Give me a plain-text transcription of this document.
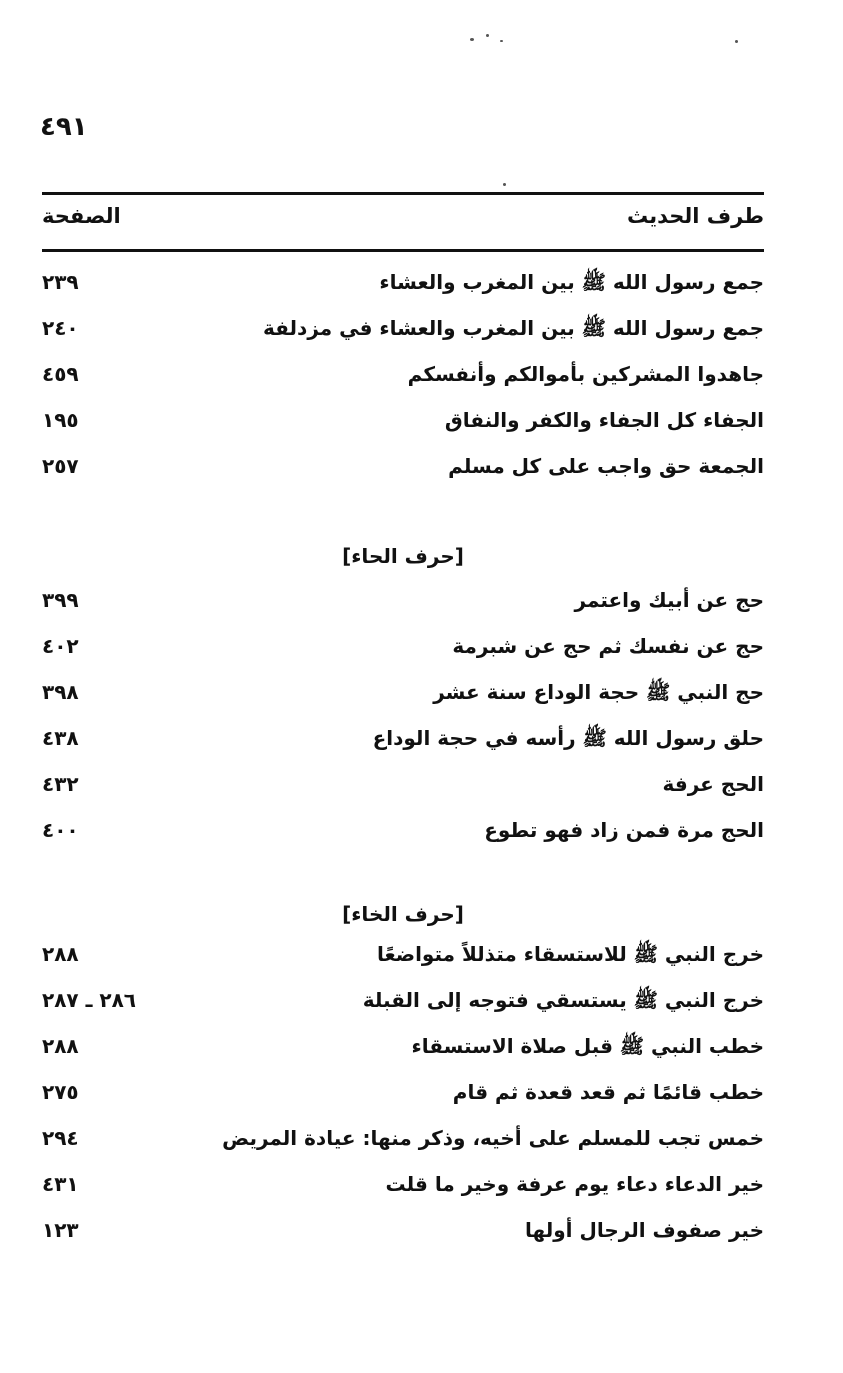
٤٩١
طرف الحديث
الصفحة
جمع رسول الله ﷺ بين المغرب والعشاء
٢٣٩
جمع رسول الله ﷺ بين المغرب والعشاء في مزدلفة
٢٤٠
جاهدوا المشركين بأموالكم وأنفسكم
٤٥٩
الجفاء كل الجفاء والكفر والنفاق
١٩٥
الجمعة حق واجب على كل مسلم
٢٥٧
[حرف الحاء]
حج عن أبيك واعتمر
٣٩٩
حج عن نفسك ثم حج عن شبرمة
٤٠٢
حج النبي ﷺ حجة الوداع سنة عشر
٣٩٨
حلق رسول الله ﷺ رأسه في حجة الوداع
٤٣٨
الحج عرفة
٤٣٢
الحج مرة فمن زاد فهو تطوع
٤٠٠
[حرف الخاء]
خرج النبي ﷺ للاستسقاء متذللاً متواضعًا
٢٨٨
خرج النبي ﷺ يستسقي فتوجه إلى القبلة
٢٨٦ ـ ٢٨٧
خطب النبي ﷺ قبل صلاة الاستسقاء
٢٨٨
خطب قائمًا ثم قعد قعدة ثم قام
٢٧٥
خمس تجب للمسلم على أخيه، وذكر منها: عيادة المريض
٢٩٤
خير الدعاء دعاء يوم عرفة وخير ما قلت
٤٣١
خير صفوف الرجال أولها
١٢٣
